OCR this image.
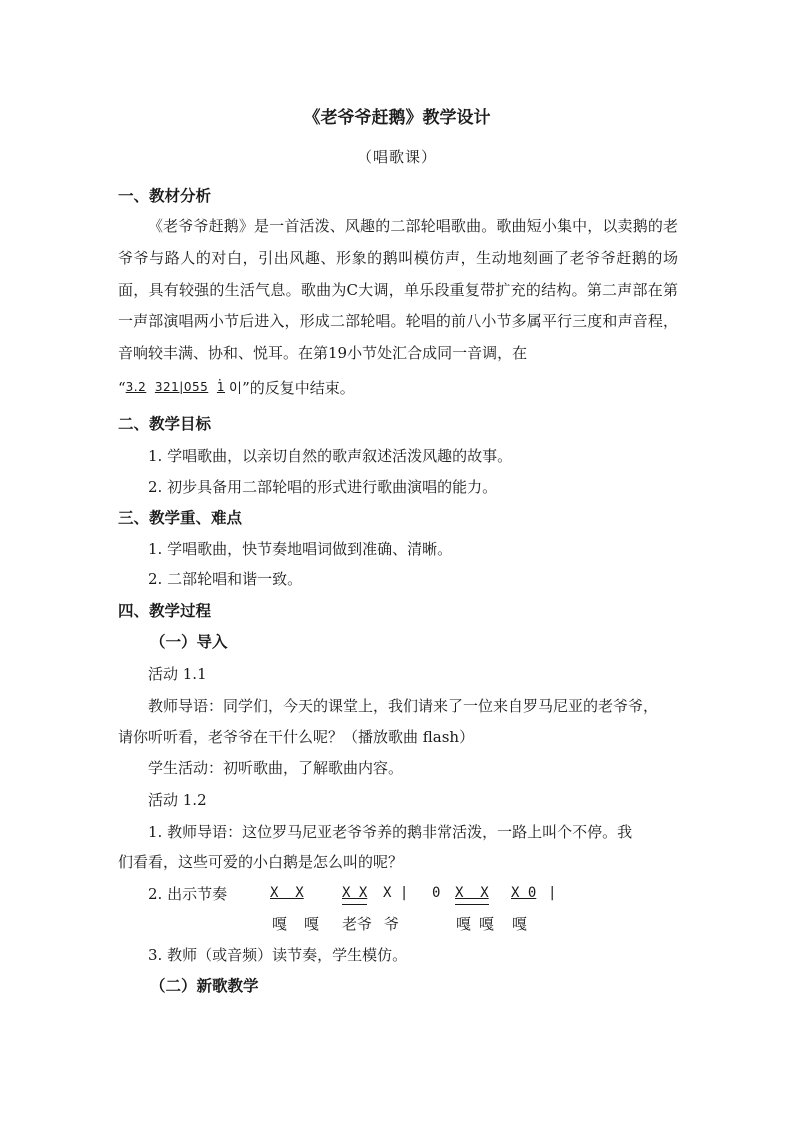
《老爷爷赶鹅》教学设计
（唱歌课）
一、教材分析
《老爷爷赶鹅》是一首活泼、风趣的二部轮唱歌曲。歌曲短小集中，以卖鹅的老爷爷与路人的对白，引出风趣、形象的鹅叫模仿声，生动地刻画了老爷爷赶鹅的场面，具有较强的生活气息。歌曲为C大调，单乐段重复带扩充的结构。第二声部在第一声部演唱两小节后进入，形成二部轮唱。轮唱的前八小节多属平行三度和声音程，音响较丰满、协和、悦耳。在第19小节处汇合成同一音调，在
“3.2 321|055  · 1 0|”的反复中结束。
二、教学目标
1. 学唱歌曲，以亲切自然的歌声叙述活泼风趣的故事。
2. 初步具备用二部轮唱的形式进行歌曲演唱的能力。
三、教学重、难点
1. 学唱歌曲，快节奏地唱词做到准确、清晰。
2. 二部轮唱和谐一致。
四、教学过程
（一）导入
活动 1.1
教师导语：同学们，今天的课堂上，我们请来了一位来自罗马尼亚的老爷爷，
请你听听看，老爷爷在干什么呢？（播放歌曲 flash）
学生活动：初听歌曲，了解歌曲内容。
活动 1.2
1. 教师导语：这位罗马尼亚老爷爷养的鹅非常活泼，一路上叫个不停。我
们看看，这些可爱的小白鹅是怎么叫的呢？
2. 出示节奏	X  X	X X X | 0 X  X X 0 |
嘎 嘎 老爷 爷	嘎 嘎 嘎
3. 教师（或音频）读节奏，学生模仿。
（二）新歌教学
